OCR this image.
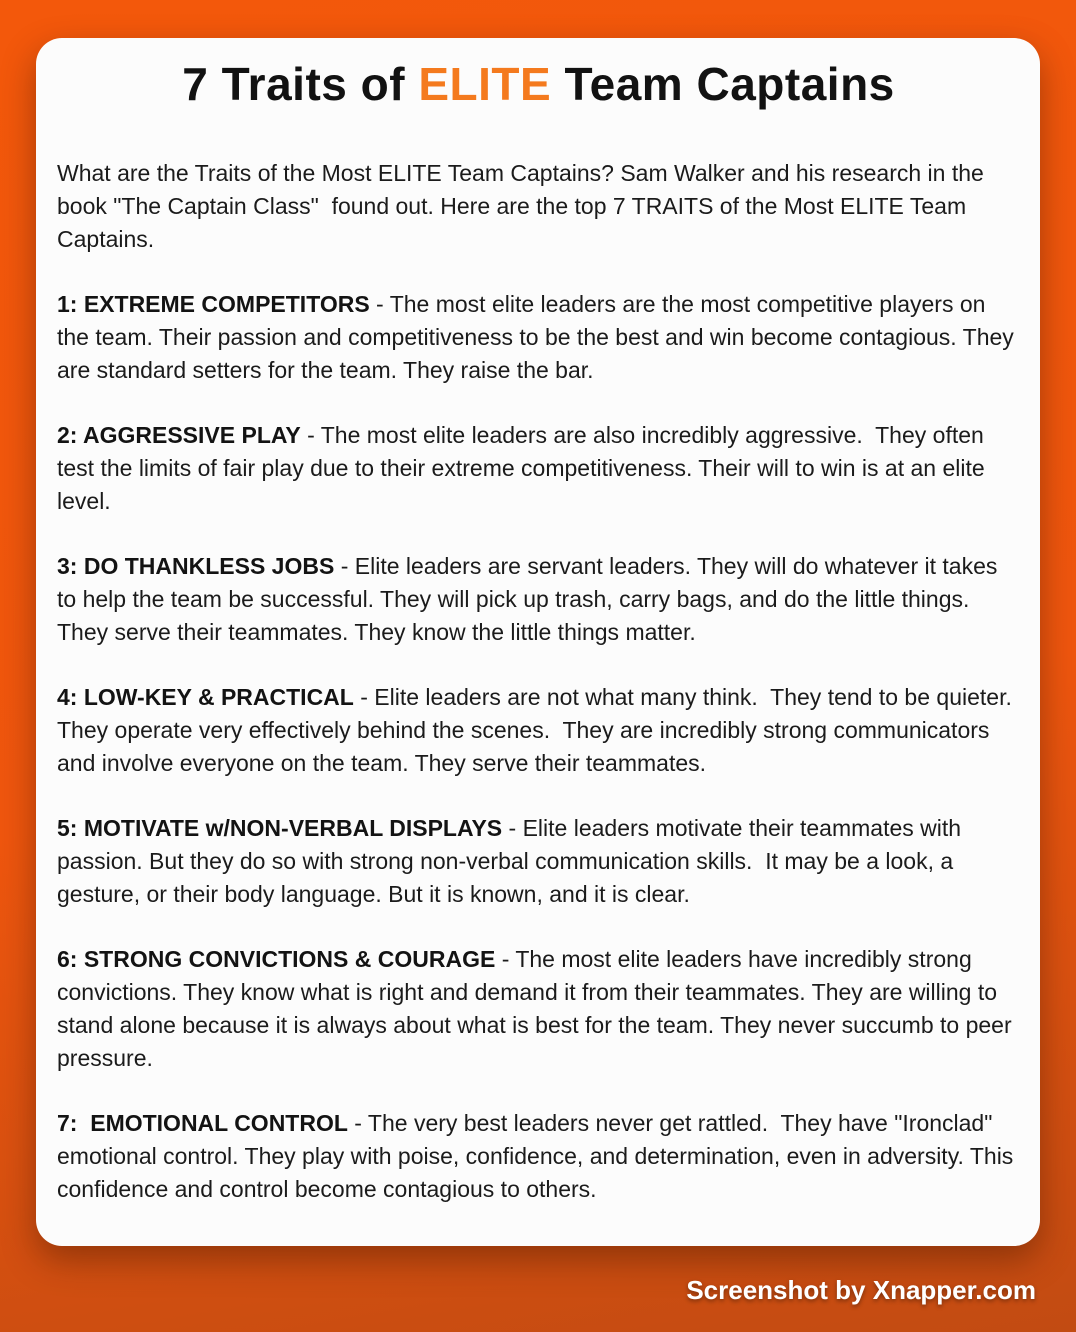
7 Traits of ELITE Team Captains

What are the Traits of the Most ELITE Team Captains? Sam Walker and his research in the book "The Captain Class"  found out. Here are the top 7 TRAITS of the Most ELITE Team Captains.

1: EXTREME COMPETITORS - The most elite leaders are the most competitive players on the team. Their passion and competitiveness to be the best and win become contagious. They are standard setters for the team. They raise the bar.

2: AGGRESSIVE PLAY - The most elite leaders are also incredibly aggressive.  They often test the limits of fair play due to their extreme competitiveness. Their will to win is at an elite level.

3: DO THANKLESS JOBS - Elite leaders are servant leaders. They will do whatever it takes to help the team be successful. They will pick up trash, carry bags, and do the little things. They serve their teammates. They know the little things matter.

4: LOW-KEY & PRACTICAL - Elite leaders are not what many think.  They tend to be quieter. They operate very effectively behind the scenes.  They are incredibly strong communicators and involve everyone on the team. They serve their teammates.

5: MOTIVATE w/NON-VERBAL DISPLAYS - Elite leaders motivate their teammates with passion. But they do so with strong non-verbal communication skills.  It may be a look, a gesture, or their body language. But it is known, and it is clear.

6: STRONG CONVICTIONS & COURAGE - The most elite leaders have incredibly strong convictions. They know what is right and demand it from their teammates. They are willing to stand alone because it is always about what is best for the team. They never succumb to peer pressure.

7:  EMOTIONAL CONTROL - The very best leaders never get rattled.  They have "Ironclad" emotional control. They play with poise, confidence, and determination, even in adversity. This confidence and control become contagious to others.

Screenshot by Xnapper.com
